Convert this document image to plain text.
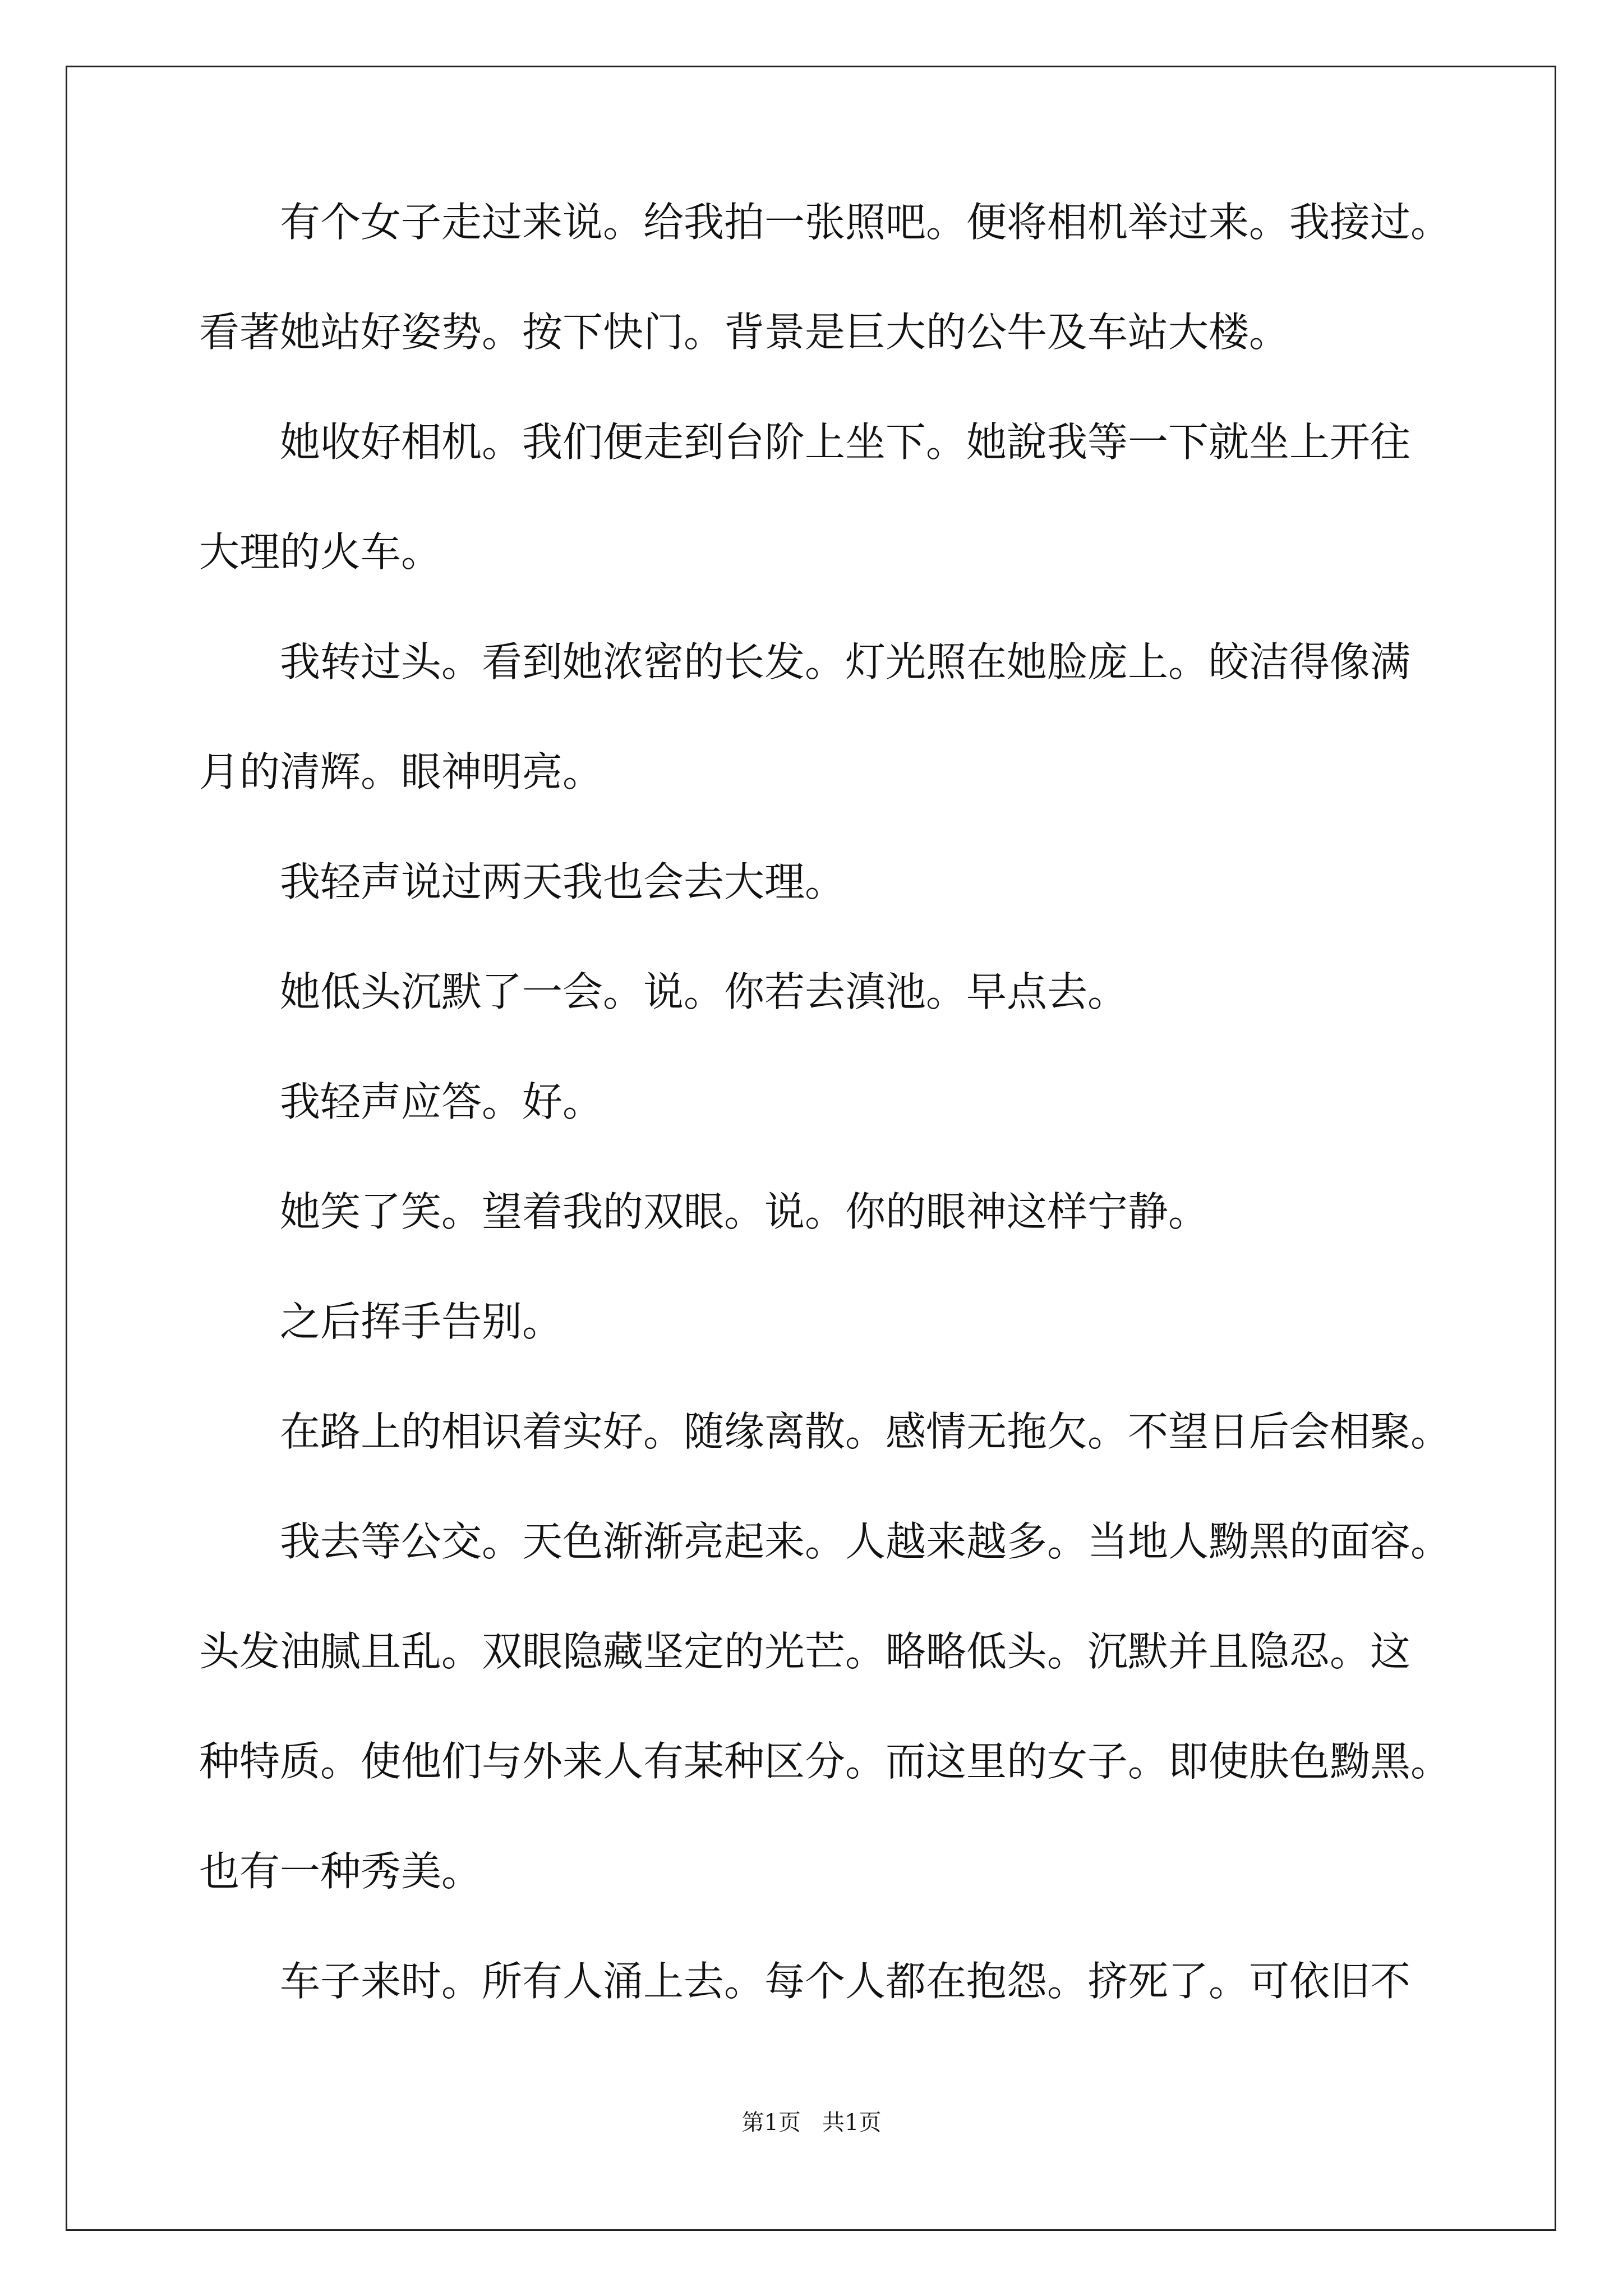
有个女子走过来说。给我拍一张照吧。便将相机举过来。我接过。
看著她站好姿势。按下快门。背景是巨大的公牛及车站大楼。
她收好相机。我们便走到台阶上坐下。她說我等一下就坐上开往
大理的火车。
我转过头。看到她浓密的长发。灯光照在她脸庞上。皎洁得像满
月的清辉。眼神明亮。
我轻声说过两天我也会去大理。
她低头沉默了一会。说。你若去滇池。早点去。
我轻声应答。好。
她笑了笑。望着我的双眼。说。你的眼神这样宁静。
之后挥手告别。
在路上的相识着实好。随缘离散。感情无拖欠。不望日后会相聚。
我去等公交。天色渐渐亮起来。人越来越多。当地人黝黑的面容。
头发油腻且乱。双眼隐藏坚定的光芒。略略低头。沉默并且隐忍。这
种特质。使他们与外来人有某种区分。而这里的女子。即使肤色黝黑。
也有一种秀美。
车子来时。所有人涌上去。每个人都在抱怨。挤死了。可依旧不
第1页   共1页
